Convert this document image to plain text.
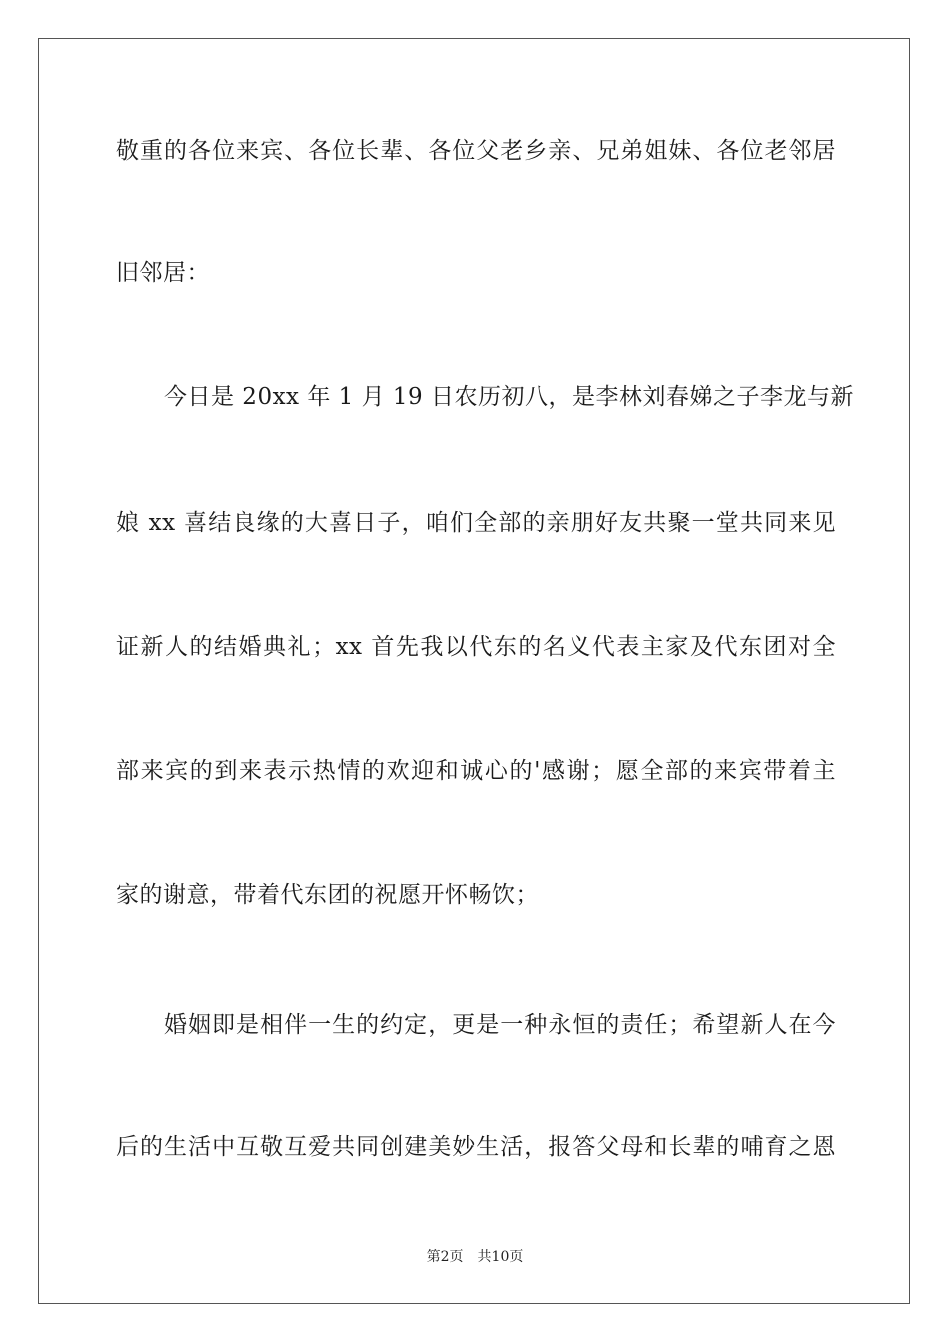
敬重的各位来宾、各位长辈、各位父老乡亲、兄弟姐妹、各位老邻居
旧邻居：
今日是 20xx 年 1 月 19 日农历初八，是李林刘春娣之子李龙与新
娘 xx 喜结良缘的大喜日子，咱们全部的亲朋好友共聚一堂共同来见
证新人的结婚典礼；xx 首先我以代东的名义代表主家及代东团对全
部来宾的到来表示热情的欢迎和诚心的'感谢；愿全部的来宾带着主
家的谢意，带着代东团的祝愿开怀畅饮；
婚姻即是相伴一生的约定，更是一种永恒的责任；希望新人在今
后的生活中互敬互爱共同创建美妙生活，报答父母和长辈的哺育之恩
第2页 共10页
